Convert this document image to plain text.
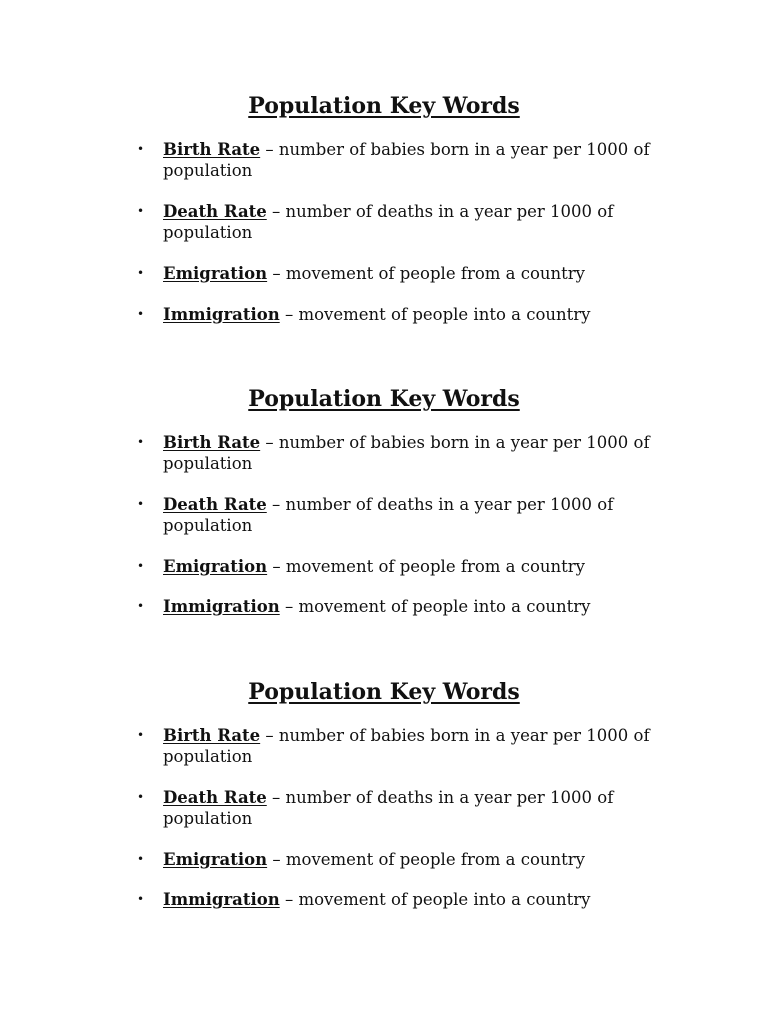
Population Key Words
• Birth Rate – number of babies born in a year per 1000 of population
• Death Rate – number of deaths in a year per 1000 of population
• Emigration – movement of people from a country
• Immigration – movement of people into a country
Population Key Words
• Birth Rate – number of babies born in a year per 1000 of population
• Death Rate – number of deaths in a year per 1000 of population
• Emigration – movement of people from a country
• Immigration – movement of people into a country
Population Key Words
• Birth Rate – number of babies born in a year per 1000 of population
• Death Rate – number of deaths in a year per 1000 of population
• Emigration – movement of people from a country
• Immigration – movement of people into a country
